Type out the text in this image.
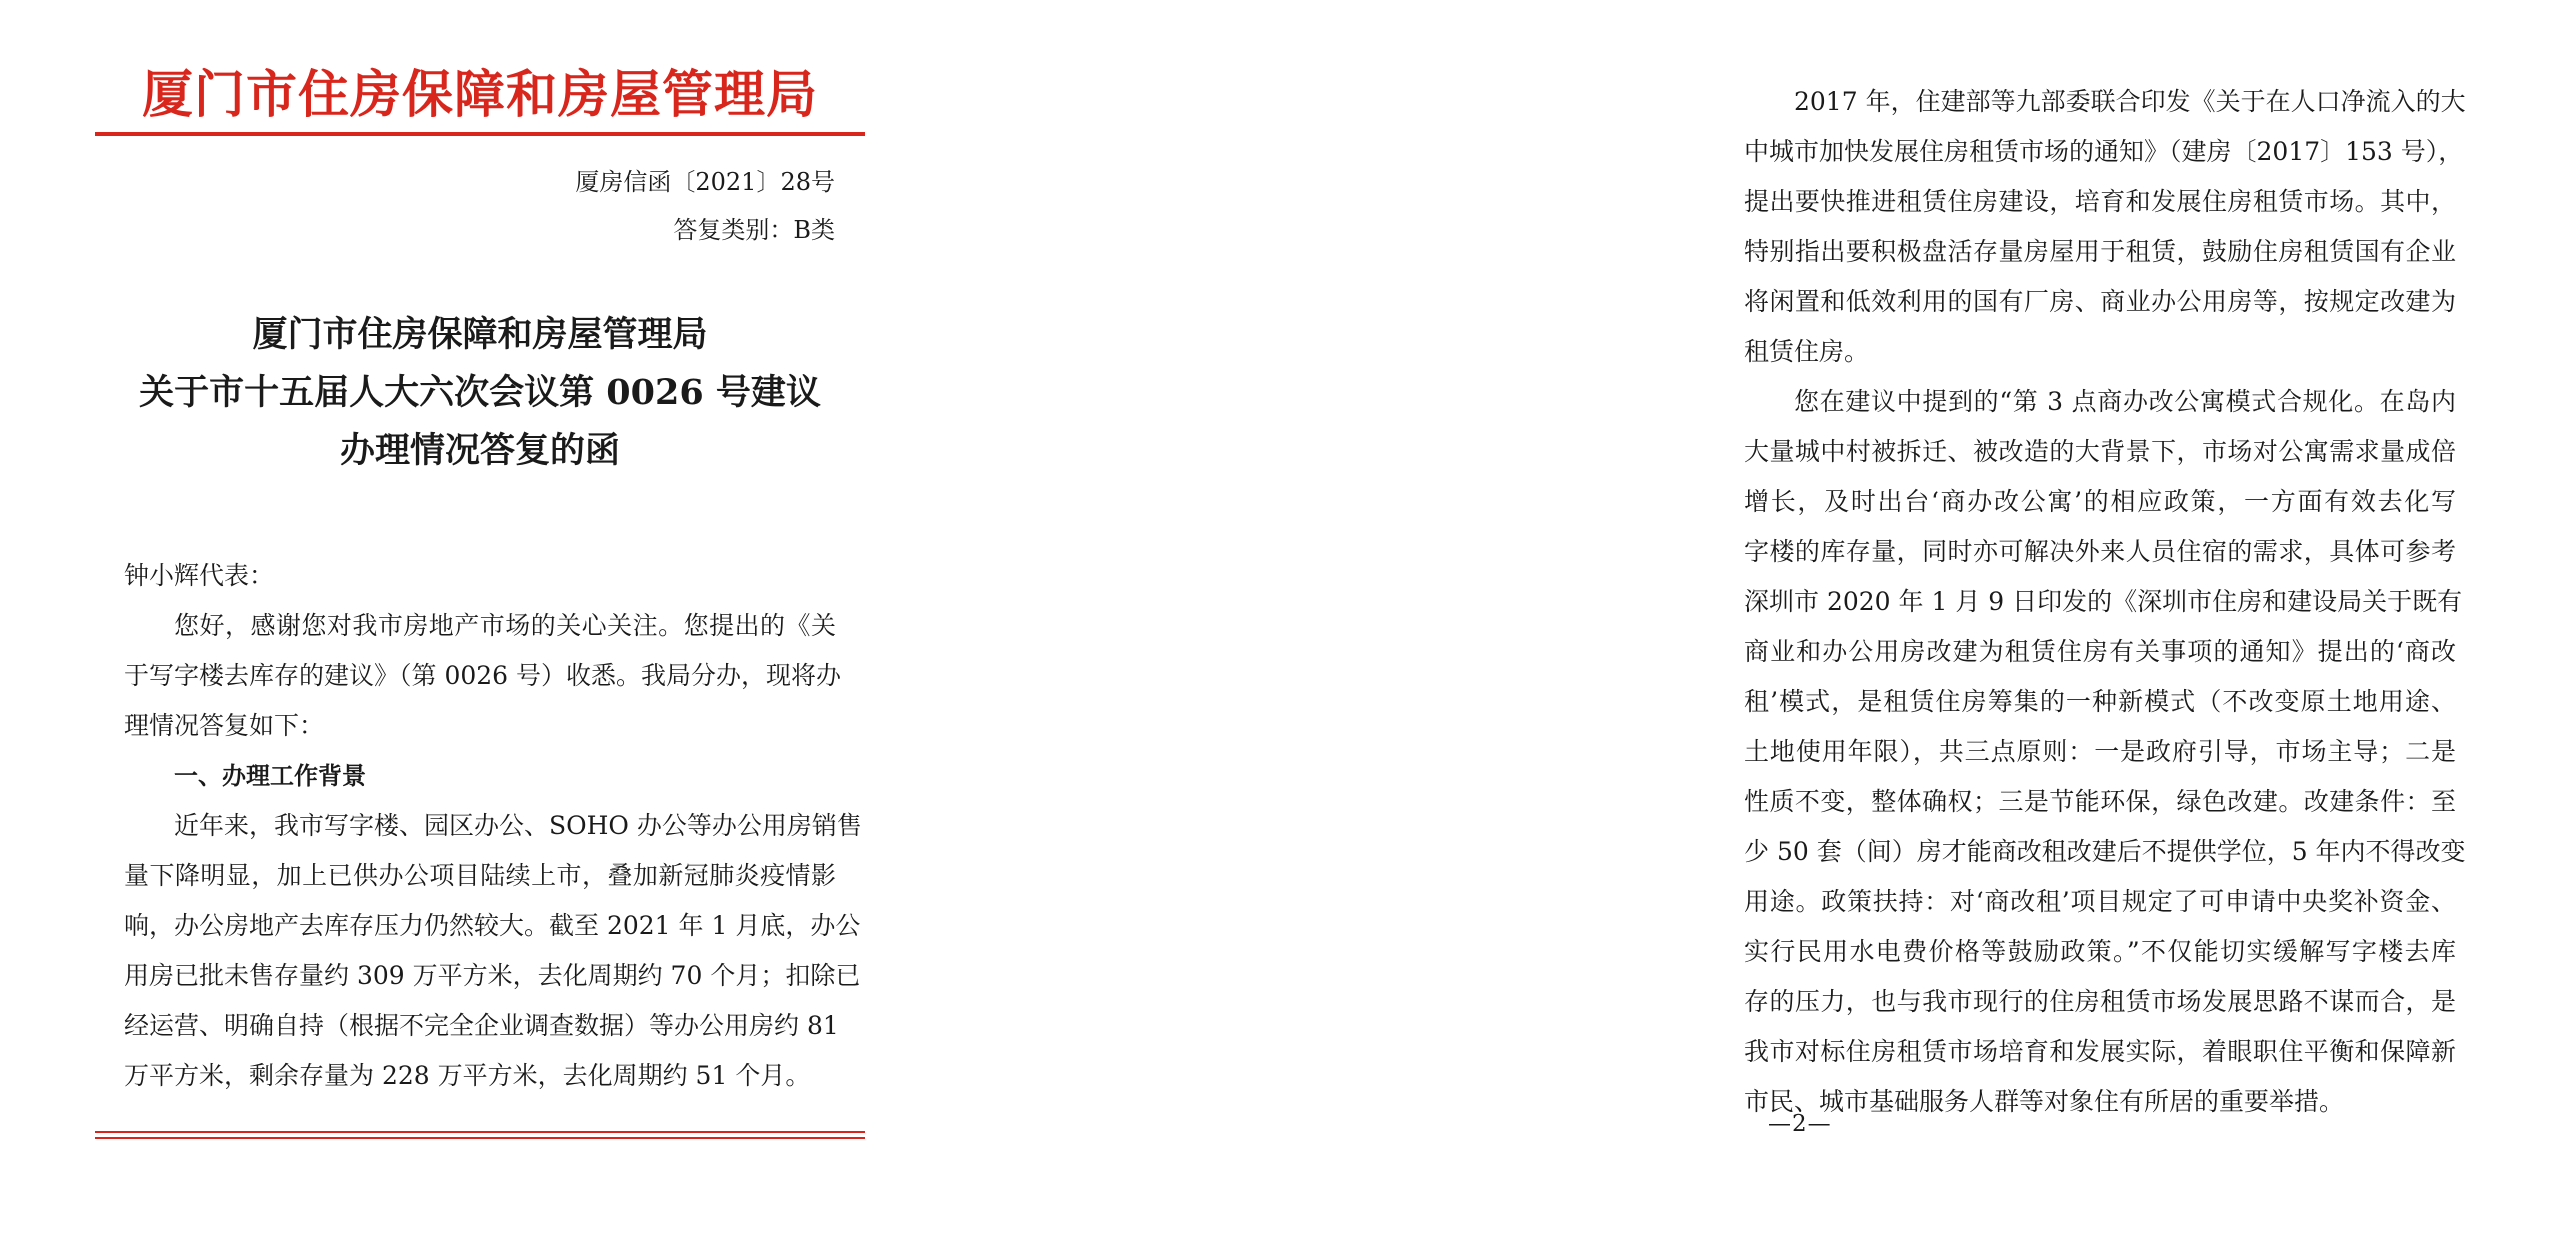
厦门市住房保障和房屋管理局
厦房信函〔2021〕28号
答复类别：B类
厦门市住房保障和房屋管理局
关于市十五届人大六次会议第 0026 号建议
办理情况答复的函
钟小辉代表：
您好，感谢您对我市房地产市场的关心关注。您提出的《关
于写字楼去库存的建议》（第 0026 号）收悉。我局分办，现将办
理情况答复如下：
一、办理工作背景
近年来，我市写字楼、园区办公、SOHO 办公等办公用房销售
量下降明显，加上已供办公项目陆续上市，叠加新冠肺炎疫情影
响，办公房地产去库存压力仍然较大。截至 2021 年 1 月底，办公
用房已批未售存量约 309 万平方米，去化周期约 70 个月；扣除已
经运营、明确自持（根据不完全企业调查数据）等办公用房约 81
万平方米，剩余存量为 228 万平方米，去化周期约 51 个月。
2017 年，住建部等九部委联合印发《关于在人口净流入的大
中城市加快发展住房租赁市场的通知》（建房〔2017〕153 号），
提出要快推进租赁住房建设，培育和发展住房租赁市场。其中，
特别指出要积极盘活存量房屋用于租赁，鼓励住房租赁国有企业
将闲置和低效利用的国有厂房、商业办公用房等，按规定改建为
租赁住房。
您在建议中提到的“第 3 点商办改公寓模式合规化。在岛内
大量城中村被拆迁、被改造的大背景下，市场对公寓需求量成倍
增长，及时出台‘商办改公寓’的相应政策，一方面有效去化写
字楼的库存量，同时亦可解决外来人员住宿的需求，具体可参考
深圳市 2020 年 1 月 9 日印发的《深圳市住房和建设局关于既有
商业和办公用房改建为租赁住房有关事项的通知》提出的‘商改
租’模式，是租赁住房筹集的一种新模式（不改变原土地用途、
土地使用年限），共三点原则：一是政府引导，市场主导；二是
性质不变，整体确权；三是节能环保，绿色改建。改建条件：至
少 50 套（间）房才能商改租改建后不提供学位，5 年内不得改变
用途。政策扶持：对‘商改租’项目规定了可申请中央奖补资金、
实行民用水电费价格等鼓励政策。”不仅能切实缓解写字楼去库
存的压力，也与我市现行的住房租赁市场发展思路不谋而合，是
我市对标住房租赁市场培育和发展实际，着眼职住平衡和保障新
市民、城市基础服务人群等对象住有所居的重要举措。
—2—
